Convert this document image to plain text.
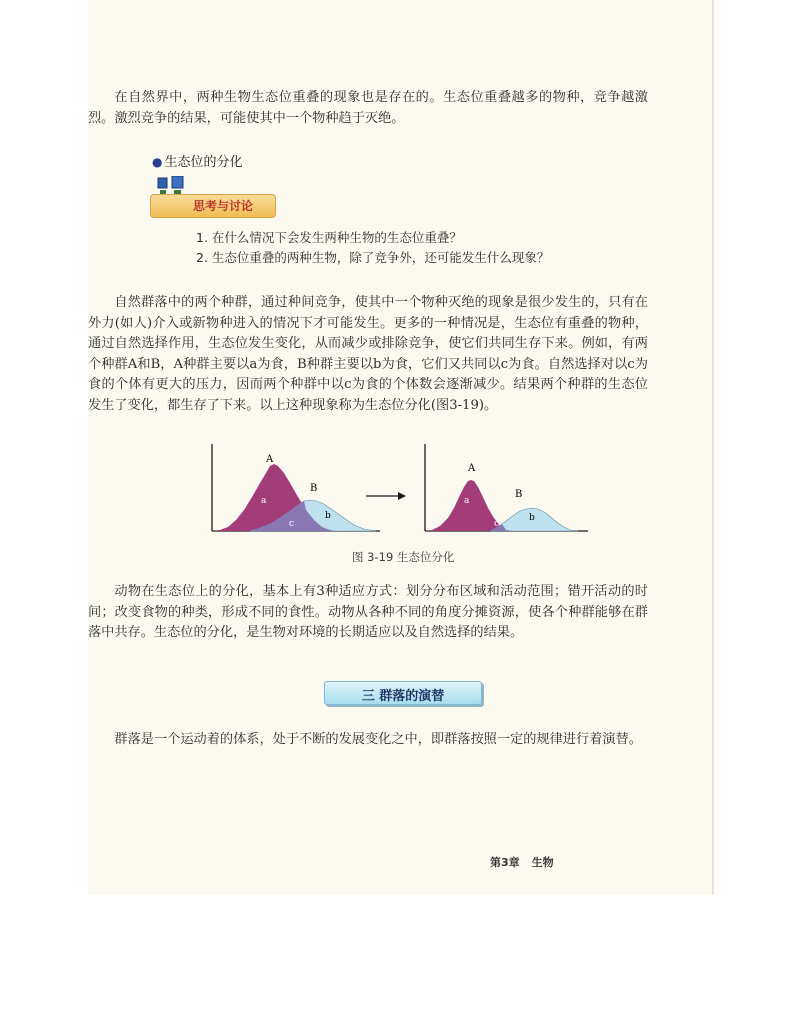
在自然界中，两种生物生态位重叠的现象也是存在的。生态位重叠越多的物种，竞争越激烈。激烈竞争的结果，可能使其中一个物种趋于灭绝。

● 生态位的分化
思考与讨论
1. 在什么情况下会发生两种生物的生态位重叠？
2. 生态位重叠的两种生物，除了竞争外，还可能发生什么现象？

自然群落中的两个种群，通过种间竞争，使其中一个物种灭绝的现象是很少发生的，只有在外力(如人)介入或新物种进入的情况下才可能发生。更多的一种情况是，生态位有重叠的物种，通过自然选择作用，生态位发生变化，从而减少或排除竞争，使它们共同生存下来。例如，有两个种群A和B，A种群主要以a为食，B种群主要以b为食，它们又共同以c为食。自然选择对以c为食的个体有更大的压力，因而两个种群中以c为食的个体数会逐渐减少。结果两个种群的生态位发生了变化，都生存了下来。以上这种现象称为生态位分化(图3-19)。

A
B
a
b
c
A
B
a
b
c
图 3-19 生态位分化

动物在生态位上的分化，基本上有3种适应方式：划分分布区域和活动范围；错开活动的时间；改变食物的种类，形成不同的食性。动物从各种不同的角度分摊资源，使各个种群能够在群落中共存。生态位的分化，是生物对环境的长期适应以及自然选择的结果。

三 群落的演替

群落是一个运动着的体系，处于不断的发展变化之中，即群落按照一定的规律进行着演替。

第3章 生物
